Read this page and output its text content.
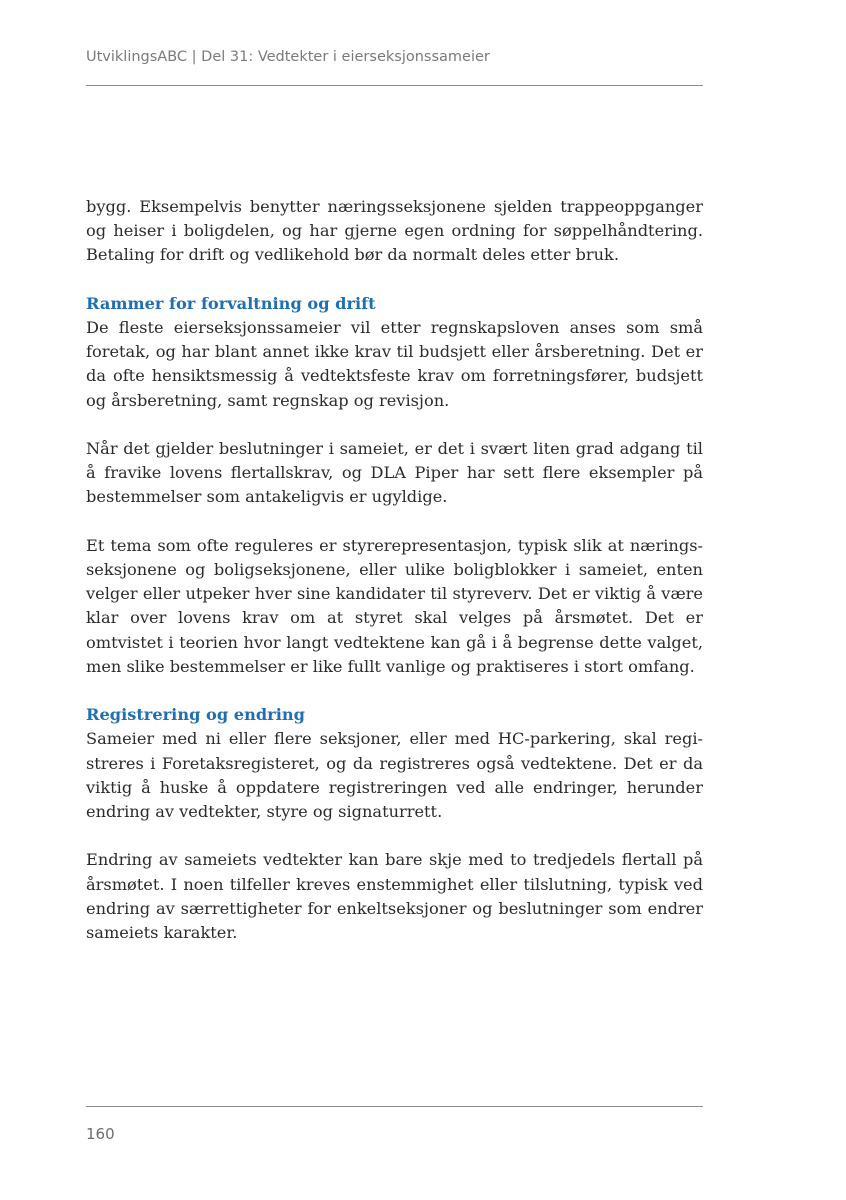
UtviklingsABC | Del 31: Vedtekter i eierseksjonssameier

bygg. Eksempelvis benytter næringsseksjonene sjelden trappeoppganger og heiser i boligdelen, og har gjerne egen ordning for søppelhåndtering. Betaling for drift og vedlikehold bør da normalt deles etter bruk.

Rammer for forvaltning og drift

De fleste eierseksjonssameier vil etter regnskapsloven anses som små foretak, og har blant annet ikke krav til budsjett eller årsberetning. Det er da ofte hensiktsmessig å vedtektsfeste krav om forretningsfører, budsjett og årsberetning, samt regnskap og revisjon.

Når det gjelder beslutninger i sameiet, er det i svært liten grad adgang til å fravike lovens flertallskrav, og DLA Piper har sett flere eksempler på bestemmelser som antakeligvis er ugyldige.

Et tema som ofte reguleres er styrerepresentasjon, typisk slik at næringsseksjonene og boligseksjonene, eller ulike boligblokker i sameiet, enten velger eller utpeker hver sine kandidater til styreverv. Det er viktig å være klar over lovens krav om at styret skal velges på årsmøtet. Det er omtvistet i teorien hvor langt vedtektene kan gå i å begrense dette valget, men slike bestemmelser er like fullt vanlige og praktiseres i stort omfang.

Registrering og endring

Sameier med ni eller flere seksjoner, eller med HC-parkering, skal registreres i Foretaksregisteret, og da registreres også vedtektene. Det er da viktig å huske å oppdatere registreringen ved alle endringer, herunder endring av vedtekter, styre og signaturrett.

Endring av sameiets vedtekter kan bare skje med to tredjedels flertall på årsmøtet. I noen tilfeller kreves enstemmighet eller tilslutning, typisk ved endring av særrettigheter for enkeltseksjoner og beslutninger som endrer sameiets karakter.

160
